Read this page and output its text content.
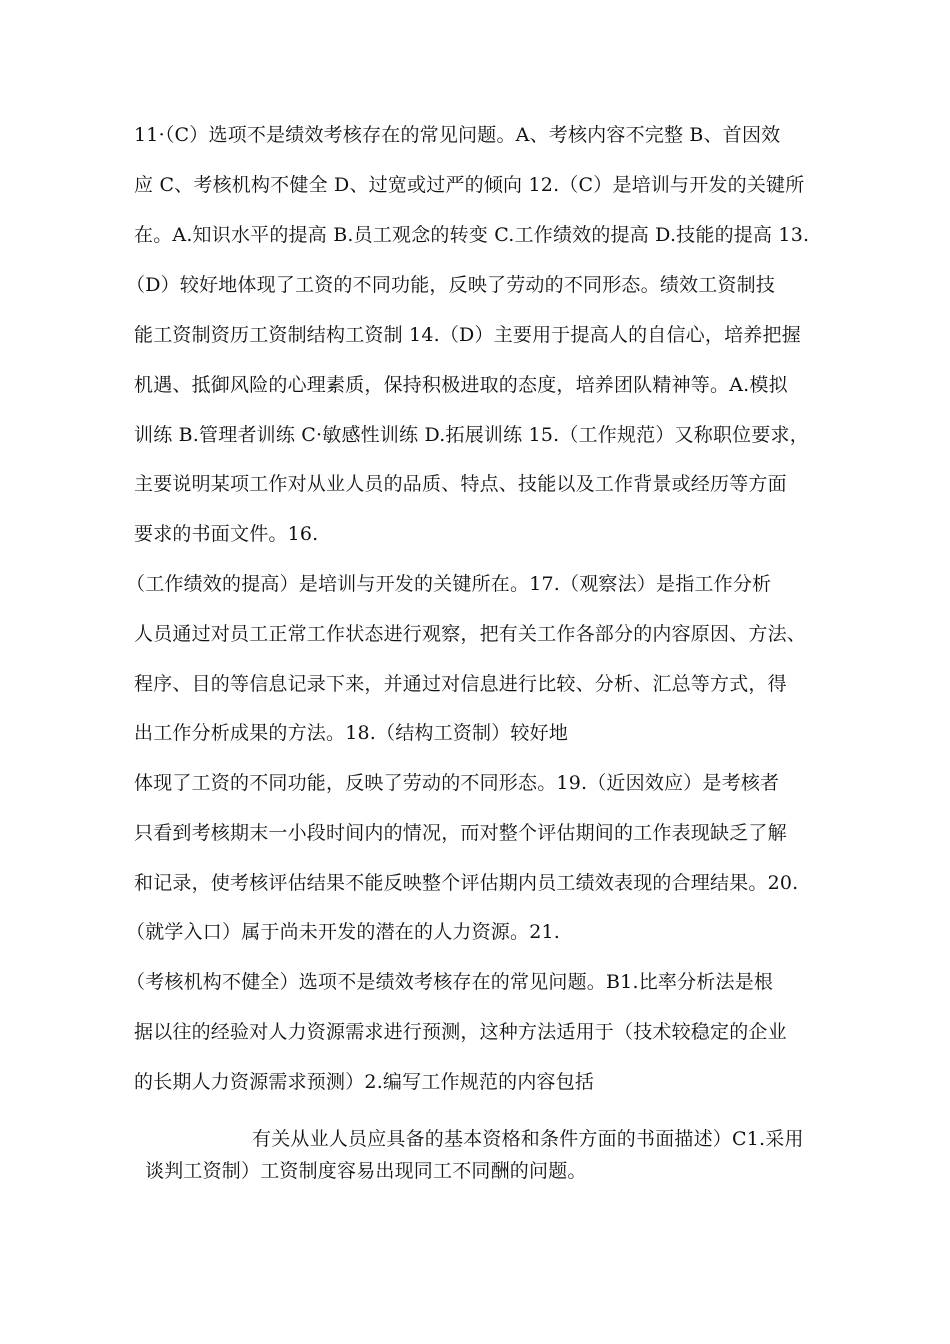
11·（C）选项不是绩效考核存在的常见问题。A、考核内容不完整 B、首因效
应 C、考核机构不健全 D、过宽或过严的倾向 12.（C）是培训与开发的关键所
在。A.知识水平的提高 B.员工观念的转变 C.工作绩效的提高 D.技能的提高 13.
（D）较好地体现了工资的不同功能，反映了劳动的不同形态。绩效工资制技
能工资制资历工资制结构工资制 14.（D）主要用于提高人的自信心，培养把握
机遇、抵御风险的心理素质，保持积极进取的态度，培养团队精神等。A.模拟
训练 B.管理者训练 C·敏感性训练 D.拓展训练 15.（工作规范）又称职位要求，
主要说明某项工作对从业人员的品质、特点、技能以及工作背景或经历等方面
要求的书面文件。16.
（工作绩效的提高）是培训与开发的关键所在。17.（观察法）是指工作分析
人员通过对员工正常工作状态进行观察，把有关工作各部分的内容原因、方法、
程序、目的等信息记录下来，并通过对信息进行比较、分析、汇总等方式，得
出工作分析成果的方法。18.（结构工资制）较好地
体现了工资的不同功能，反映了劳动的不同形态。19.（近因效应）是考核者
只看到考核期末一小段时间内的情况，而对整个评估期间的工作表现缺乏了解
和记录，使考核评估结果不能反映整个评估期内员工绩效表现的合理结果。20.
（就学入口）属于尚未开发的潜在的人力资源。21.
（考核机构不健全）选项不是绩效考核存在的常见问题。B1.比率分析法是根
据以往的经验对人力资源需求进行预测，这种方法适用于（技术较稳定的企业
的长期人力资源需求预测）2.编写工作规范的内容包括
有关从业人员应具备的基本资格和条件方面的书面描述）C1.采用
谈判工资制）工资制度容易出现同工不同酬的问题。
